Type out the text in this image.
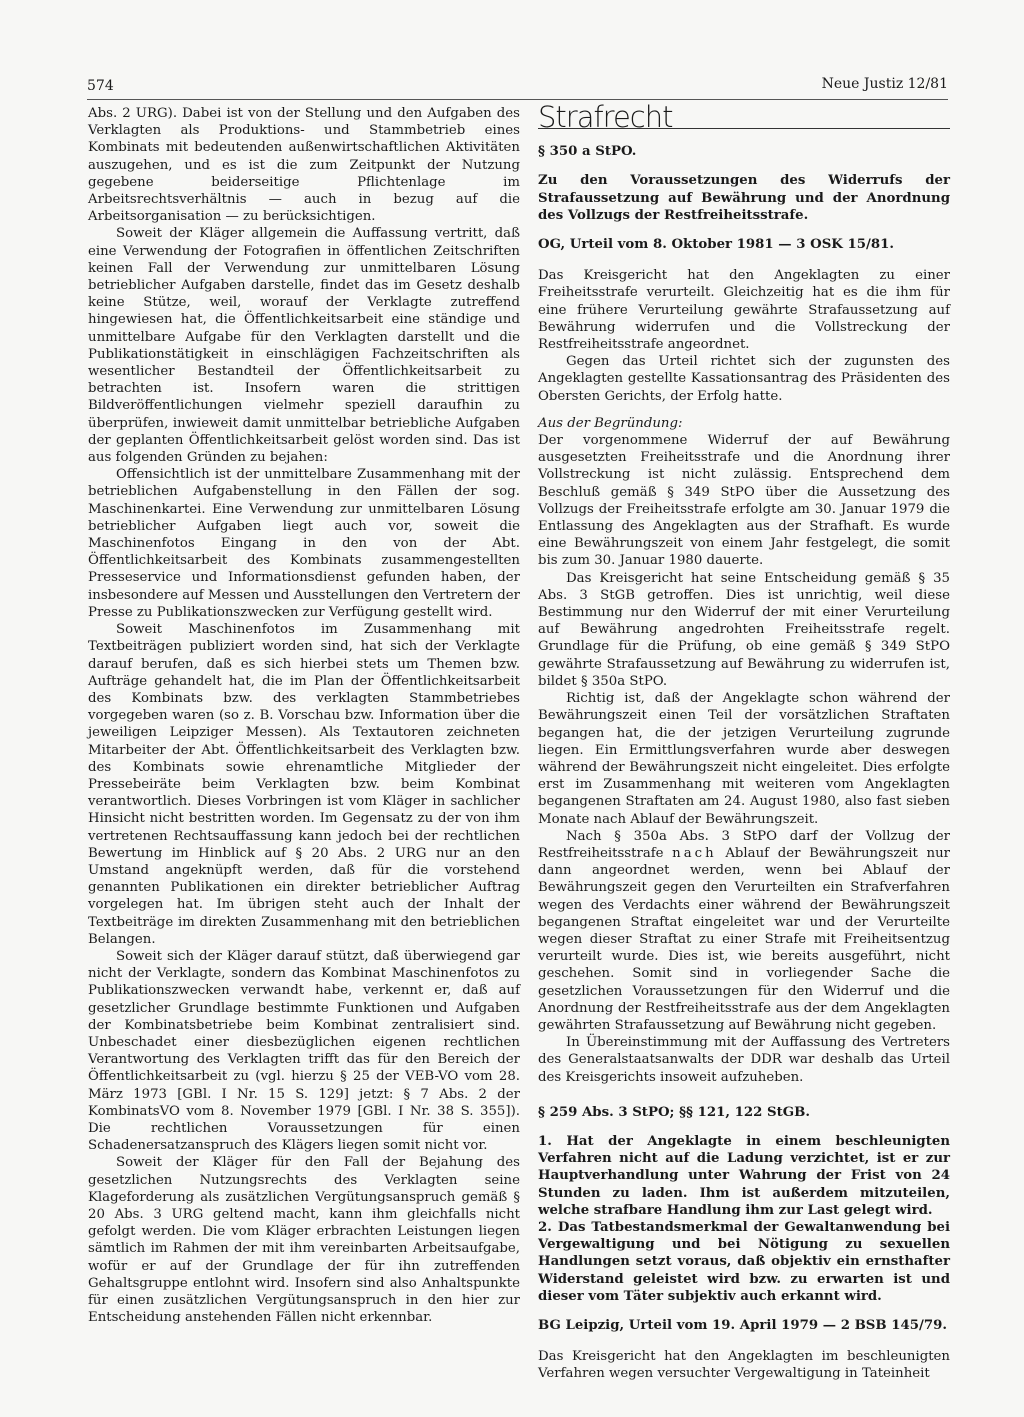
574	Neue Justiz 12/81

Abs. 2 URG). Dabei ist von der Stellung und den Aufgaben des Verklagten als Produktions- und Stammbetrieb eines Kombinats mit bedeutenden außenwirtschaftlichen Aktivitäten auszugehen, und es ist die zum Zeitpunkt der Nutzung gegebene beiderseitige Pflichtenlage im Arbeitsrechtsverhältnis — auch in bezug auf die Arbeitsorganisation — zu berücksichtigen.

Soweit der Kläger allgemein die Auffassung vertritt, daß eine Verwendung der Fotografien in öffentlichen Zeitschriften keinen Fall der Verwendung zur unmittelbaren Lösung betrieblicher Aufgaben darstelle, findet das im Gesetz deshalb keine Stütze, weil, worauf der Verklagte zutreffend hingewiesen hat, die Öffentlichkeitsarbeit eine ständige und unmittelbare Aufgabe für den Verklagten darstellt und die Publikationstätigkeit in einschlägigen Fachzeitschriften als wesentlicher Bestandteil der Öffentlichkeitsarbeit zu betrachten ist. Insofern waren die strittigen Bildveröffentlichungen vielmehr speziell daraufhin zu überprüfen, inwieweit damit unmittelbar betriebliche Aufgaben der geplanten Öffentlichkeitsarbeit gelöst worden sind. Das ist aus folgenden Gründen zu bejahen:

Offensichtlich ist der unmittelbare Zusammenhang mit der betrieblichen Aufgabenstellung in den Fällen der sog. Maschinenkartei. Eine Verwendung zur unmittelbaren Lösung betrieblicher Aufgaben liegt auch vor, soweit die Maschinenfotos Eingang in den von der Abt. Öffentlichkeitsarbeit des Kombinats zusammengestellten Presseservice und Informationsdienst gefunden haben, der insbesondere auf Messen und Ausstellungen den Vertretern der Presse zu Publikationszwecken zur Verfügung gestellt wird.

Soweit Maschinenfotos im Zusammenhang mit Textbeiträgen publiziert worden sind, hat sich der Verklagte darauf berufen, daß es sich hierbei stets um Themen bzw. Aufträge gehandelt hat, die im Plan der Öffentlichkeitsarbeit des Kombinats bzw. des verklagten Stammbetriebes vorgegeben waren (so z. B. Vorschau bzw. Information über die jeweiligen Leipziger Messen). Als Textautoren zeichneten Mitarbeiter der Abt. Öffentlichkeitsarbeit des Verklagten bzw. des Kombinats sowie ehrenamtliche Mitglieder der Pressebeiräte beim Verklagten bzw. beim Kombinat verantwortlich. Dieses Vorbringen ist vom Kläger in sachlicher Hinsicht nicht bestritten worden. Im Gegensatz zu der von ihm vertretenen Rechtsauffassung kann jedoch bei der rechtlichen Bewertung im Hinblick auf § 20 Abs. 2 URG nur an den Umstand angeknüpft werden, daß für die vorstehend genannten Publikationen ein direkter betrieblicher Auftrag vorgelegen hat. Im übrigen steht auch der Inhalt der Textbeiträge im direkten Zusammenhang mit den betrieblichen Belangen.

Soweit sich der Kläger darauf stützt, daß überwiegend gar nicht der Verklagte, sondern das Kombinat Maschinenfotos zu Publikationszwecken verwandt habe, verkennt er, daß auf gesetzlicher Grundlage bestimmte Funktionen und Aufgaben der Kombinatsbetriebe beim Kombinat zentralisiert sind. Unbeschadet einer diesbezüglichen eigenen rechtlichen Verantwortung des Verklagten trifft das für den Bereich der Öffentlichkeitsarbeit zu (vgl. hierzu § 25 der VEB-VO vom 28. März 1973 [GBl. I Nr. 15 S. 129] jetzt: § 7 Abs. 2 der KombinatsVO vom 8. November 1979 [GBl. I Nr. 38 S. 355]). Die rechtlichen Voraussetzungen für einen Schadenersatzanspruch des Klägers liegen somit nicht vor.

Soweit der Kläger für den Fall der Bejahung des gesetzlichen Nutzungsrechts des Verklagten seine Klageforderung als zusätzlichen Vergütungsanspruch gemäß § 20 Abs. 3 URG geltend macht, kann ihm gleichfalls nicht gefolgt werden. Die vom Kläger erbrachten Leistungen liegen sämtlich im Rahmen der mit ihm vereinbarten Arbeitsaufgabe, wofür er auf der Grundlage der für ihn zutreffenden Gehaltsgruppe entlohnt wird. Insofern sind also Anhaltspunkte für einen zusätzlichen Vergütungsanspruch in den hier zur Entscheidung anstehenden Fällen nicht erkennbar.

Strafrecht

§ 350 a StPO.

Zu den Voraussetzungen des Widerrufs der Strafaussetzung auf Bewährung und der Anordnung des Vollzugs der Restfreiheitsstrafe.

OG, Urteil vom 8. Oktober 1981 — 3 OSK 15/81.

Das Kreisgericht hat den Angeklagten zu einer Freiheitsstrafe verurteilt. Gleichzeitig hat es die ihm für eine frühere Verurteilung gewährte Strafaussetzung auf Bewährung widerrufen und die Vollstreckung der Restfreiheitsstrafe angeordnet.

Gegen das Urteil richtet sich der zugunsten des Angeklagten gestellte Kassationsantrag des Präsidenten des Obersten Gerichts, der Erfolg hatte.

Aus der Begründung:

Der vorgenommene Widerruf der auf Bewährung ausgesetzten Freiheitsstrafe und die Anordnung ihrer Vollstreckung ist nicht zulässig. Entsprechend dem Beschluß gemäß § 349 StPO über die Aussetzung des Vollzugs der Freiheitsstrafe erfolgte am 30. Januar 1979 die Entlassung des Angeklagten aus der Strafhaft. Es wurde eine Bewährungszeit von einem Jahr festgelegt, die somit bis zum 30. Januar 1980 dauerte.

Das Kreisgericht hat seine Entscheidung gemäß § 35 Abs. 3 StGB getroffen. Dies ist unrichtig, weil diese Bestimmung nur den Widerruf der mit einer Verurteilung auf Bewährung angedrohten Freiheitsstrafe regelt. Grundlage für die Prüfung, ob eine gemäß § 349 StPO gewährte Strafaussetzung auf Bewährung zu widerrufen ist, bildet § 350a StPO.

Richtig ist, daß der Angeklagte schon während der Bewährungszeit einen Teil der vorsätzlichen Straftaten begangen hat, die der jetzigen Verurteilung zugrunde liegen. Ein Ermittlungsverfahren wurde aber deswegen während der Bewährungszeit nicht eingeleitet. Dies erfolgte erst im Zusammenhang mit weiteren vom Angeklagten begangenen Straftaten am 24. August 1980, also fast sieben Monate nach Ablauf der Bewährungszeit.

Nach § 350a Abs. 3 StPO darf der Vollzug der Restfreiheitsstrafe nach Ablauf der Bewährungszeit nur dann angeordnet werden, wenn bei Ablauf der Bewährungszeit gegen den Verurteilten ein Strafverfahren wegen des Verdachts einer während der Bewährungszeit begangenen Straftat eingeleitet war und der Verurteilte wegen dieser Straftat zu einer Strafe mit Freiheitsentzug verurteilt wurde. Dies ist, wie bereits ausgeführt, nicht geschehen. Somit sind in vorliegender Sache die gesetzlichen Voraussetzungen für den Widerruf und die Anordnung der Restfreiheitsstrafe aus der dem Angeklagten gewährten Strafaussetzung auf Bewährung nicht gegeben.

In Übereinstimmung mit der Auffassung des Vertreters des Generalstaatsanwalts der DDR war deshalb das Urteil des Kreisgerichts insoweit aufzuheben.

§ 259 Abs. 3 StPO; §§ 121, 122 StGB.

1. Hat der Angeklagte in einem beschleunigten Verfahren nicht auf die Ladung verzichtet, ist er zur Hauptverhandlung unter Wahrung der Frist von 24 Stunden zu laden. Ihm ist außerdem mitzuteilen, welche strafbare Handlung ihm zur Last gelegt wird.

2. Das Tatbestandsmerkmal der Gewaltanwendung bei Vergewaltigung und bei Nötigung zu sexuellen Handlungen setzt voraus, daß objektiv ein ernsthafter Widerstand geleistet wird bzw. zu erwarten ist und dieser vom Täter subjektiv auch erkannt wird.

BG Leipzig, Urteil vom 19. April 1979 — 2 BSB 145/79.

Das Kreisgericht hat den Angeklagten im beschleunigten Verfahren wegen versuchter Vergewaltigung in Tateinheit
